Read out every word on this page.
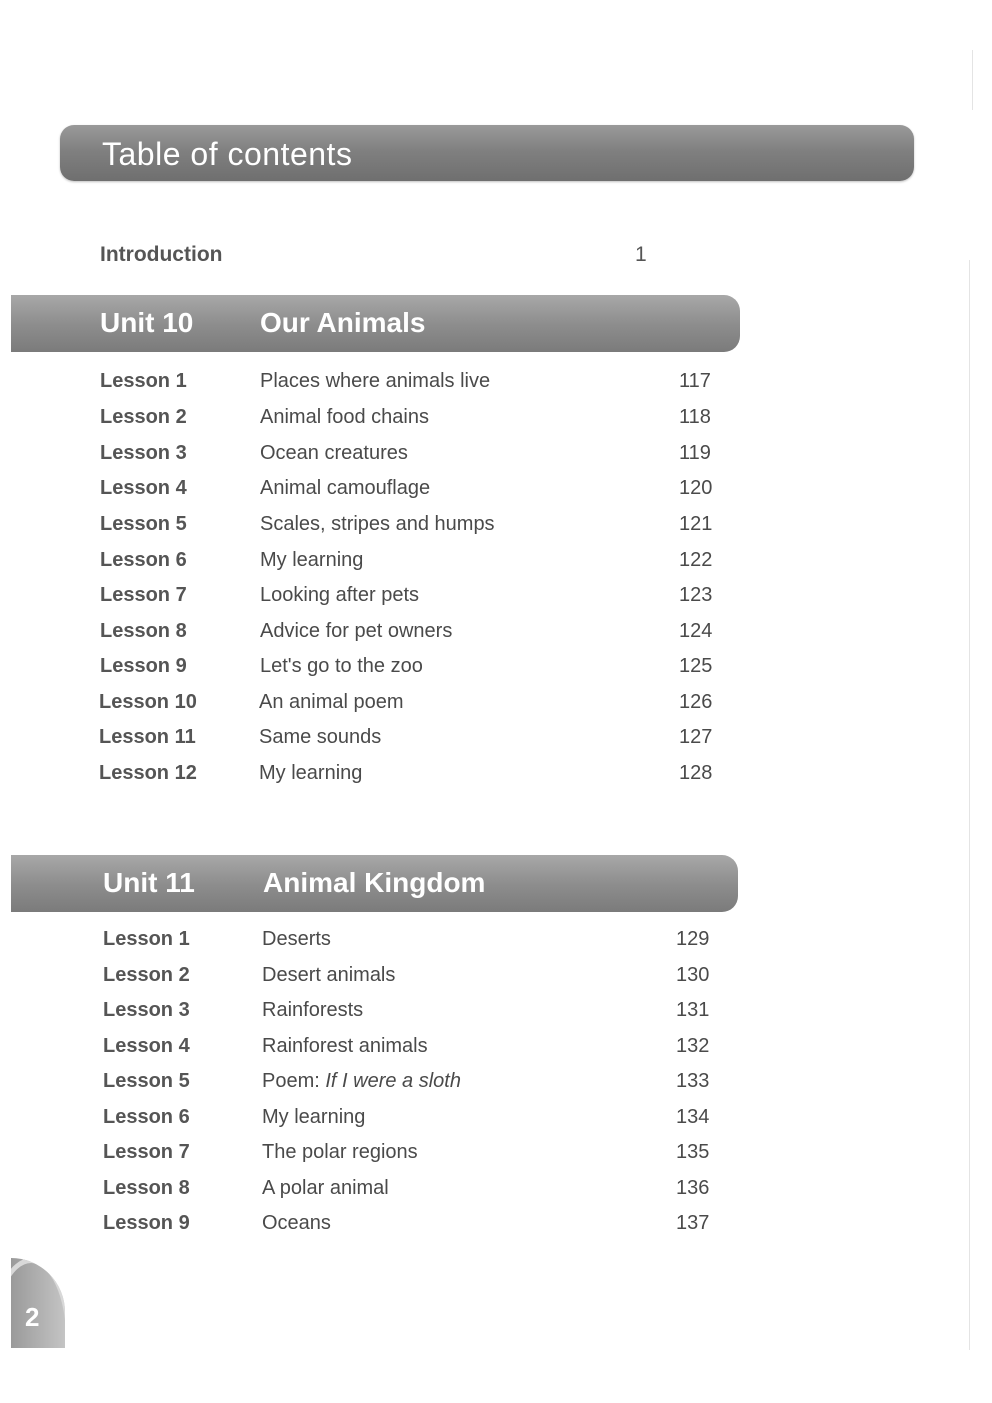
Table of contents
Introduction	1
Unit 10 Our Animals
Lesson 1	Places where animals live	117
Lesson 2	Animal food chains	118
Lesson 3	Ocean creatures	119
Lesson 4	Animal camouflage	120
Lesson 5	Scales, stripes and humps	121
Lesson 6	My learning	122
Lesson 7	Looking after pets	123
Lesson 8	Advice for pet owners	124
Lesson 9	Let's go to the zoo	125
Lesson 10	An animal poem	126
Lesson 11	Same sounds	127
Lesson 12	My learning	128
Unit 11 Animal Kingdom
Lesson 1	Deserts	129
Lesson 2	Desert animals	130
Lesson 3	Rainforests	131
Lesson 4	Rainforest animals	132
Lesson 5	Poem: If I were a sloth	133
Lesson 6	My learning	134
Lesson 7	The polar regions	135
Lesson 8	A polar animal	136
Lesson 9	Oceans	137
2
